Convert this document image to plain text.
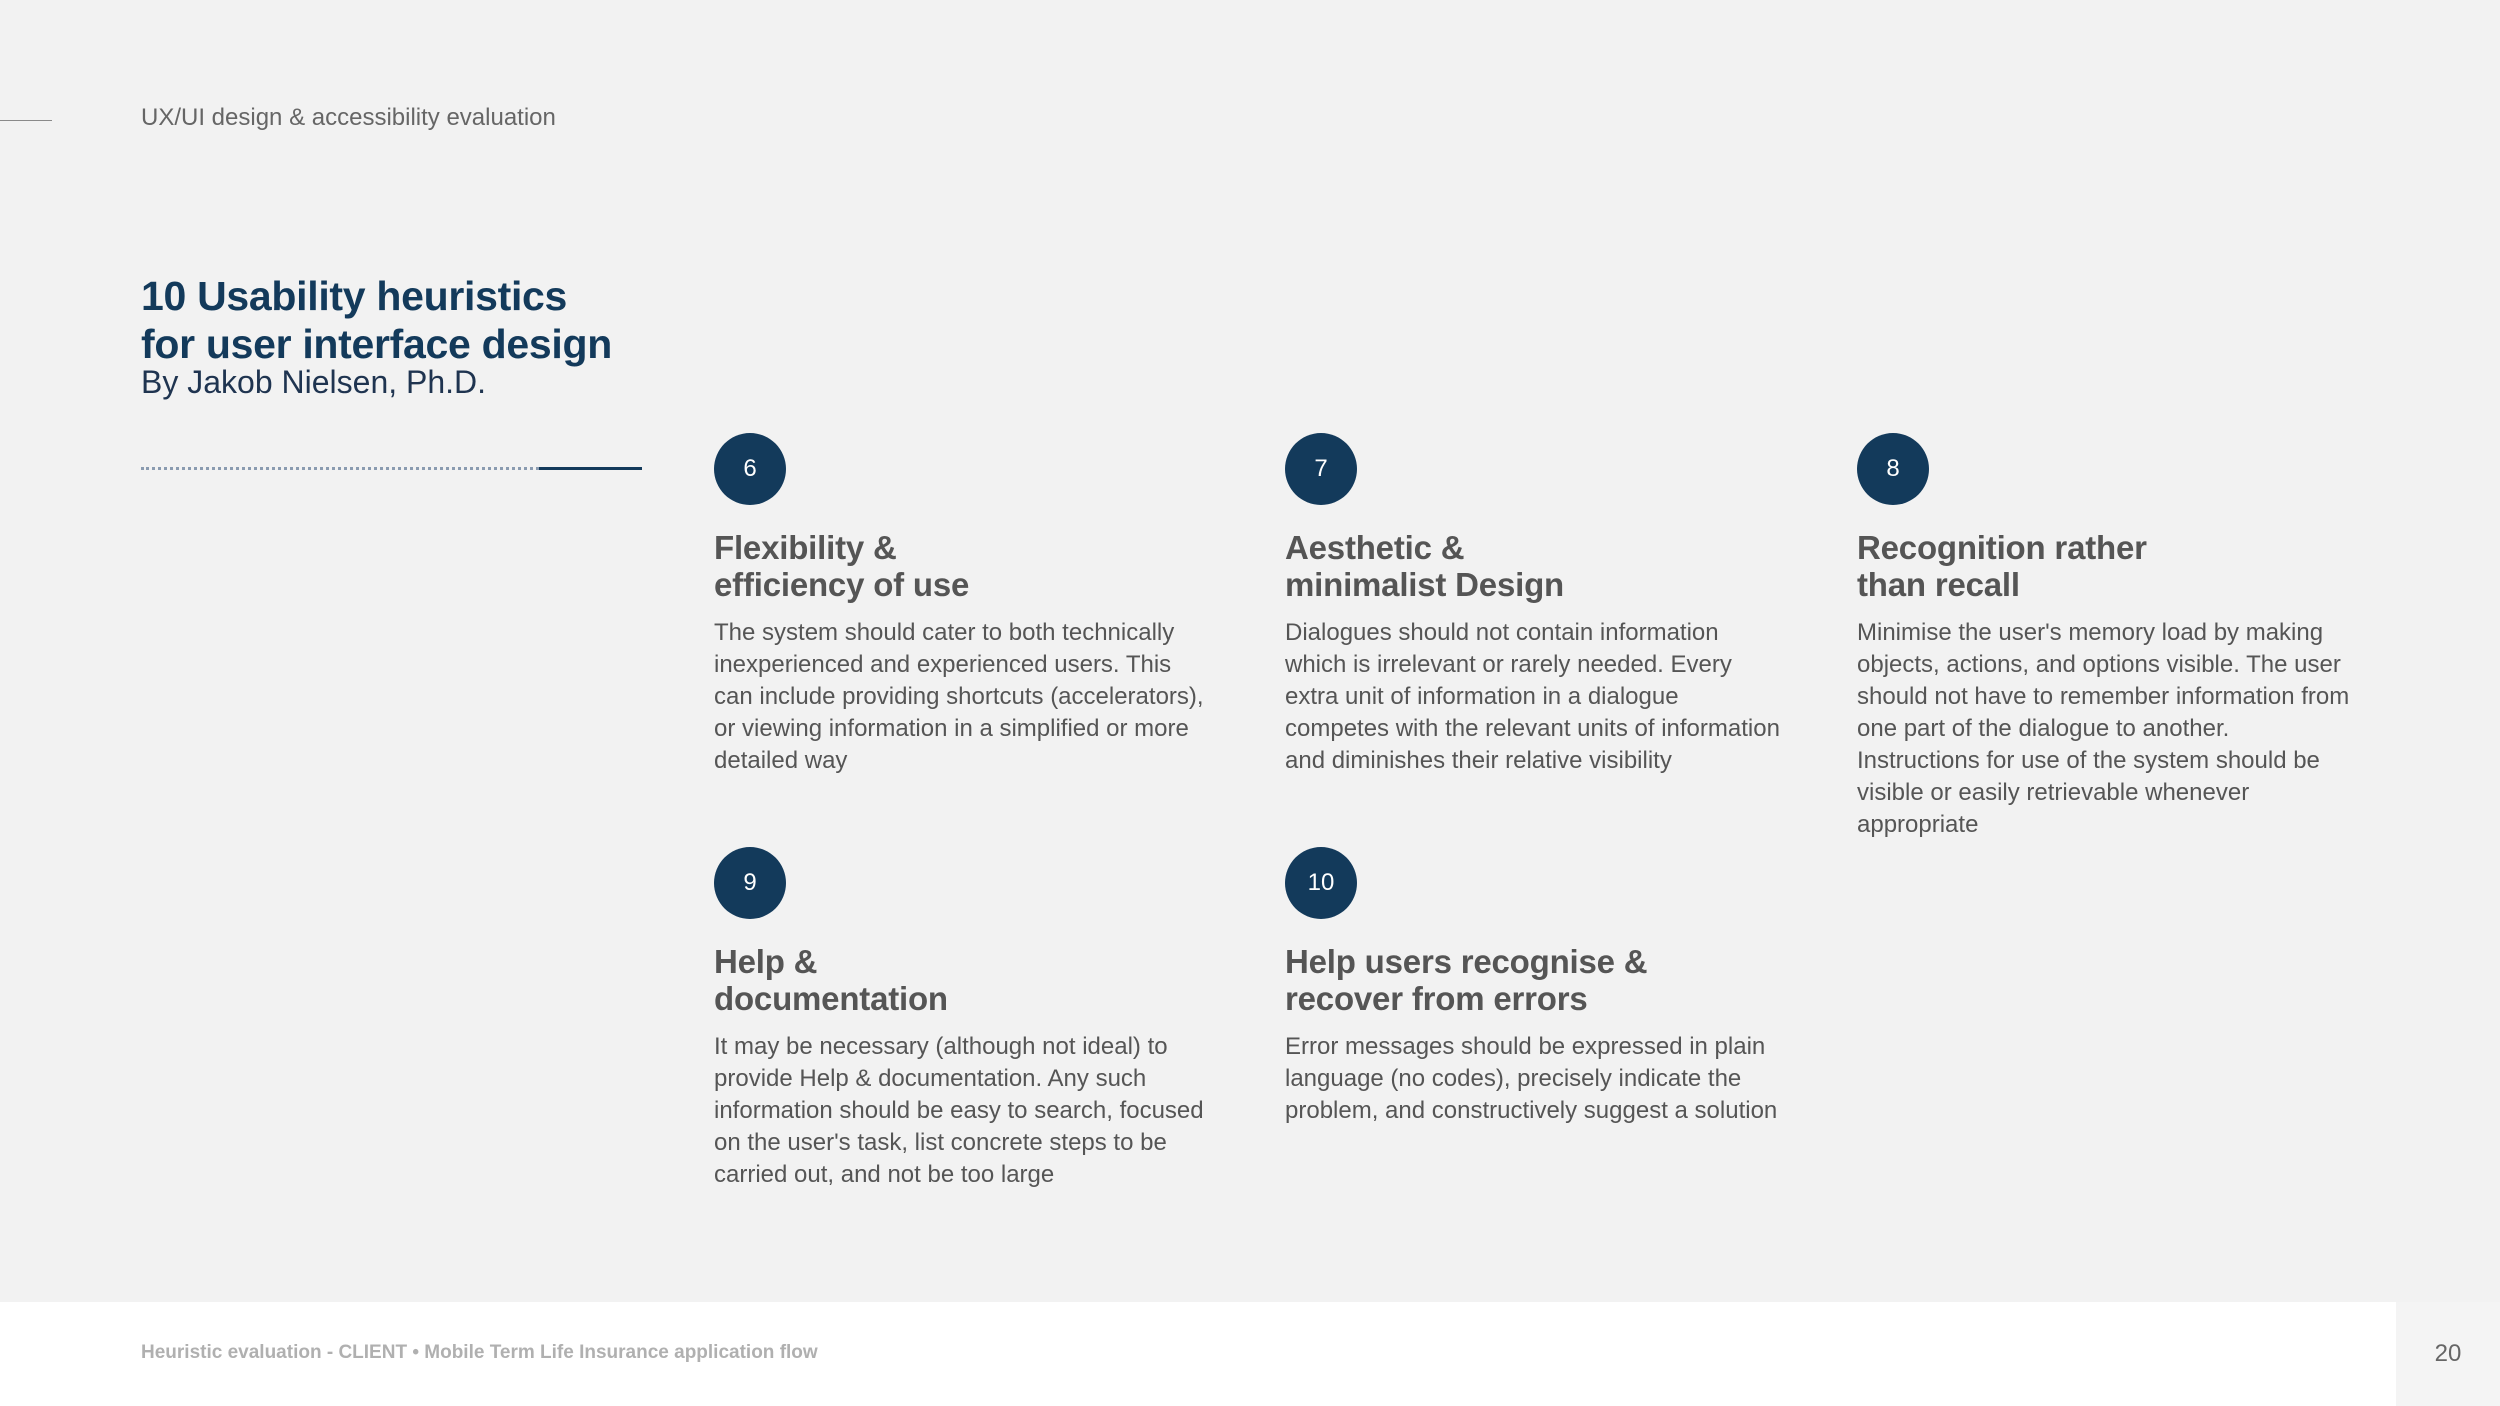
UX/UI design & accessibility evaluation
10 Usability heuristics
for user interface design
By Jakob Nielsen, Ph.D.
6
Flexibility &
efficiency of use

The system should cater to both technically inexperienced and experienced users. This can include providing shortcuts (accelerators), or viewing information in a simplified or more detailed way

7
Aesthetic &
minimalist Design

Dialogues should not contain information which is irrelevant or rarely needed. Every extra unit of information in a dialogue competes with the relevant units of information and diminishes their relative visibility

8
Recognition rather
than recall

Minimise the user's memory load by making objects, actions, and options visible. The user should not have to remember information from one part of the dialogue to another. Instructions for use of the system should be visible or easily retrievable whenever appropriate

9
Help &
documentation

It may be necessary (although not ideal) to provide Help & documentation. Any such information should be easy to search, focused on the user's task, list concrete steps to be carried out, and not be too large

10
Help users recognise &
recover from errors

Error messages should be expressed in plain language (no codes), precisely indicate the problem, and constructively suggest a solution

Heuristic evaluation - CLIENT • Mobile Term Life Insurance application flow	20
